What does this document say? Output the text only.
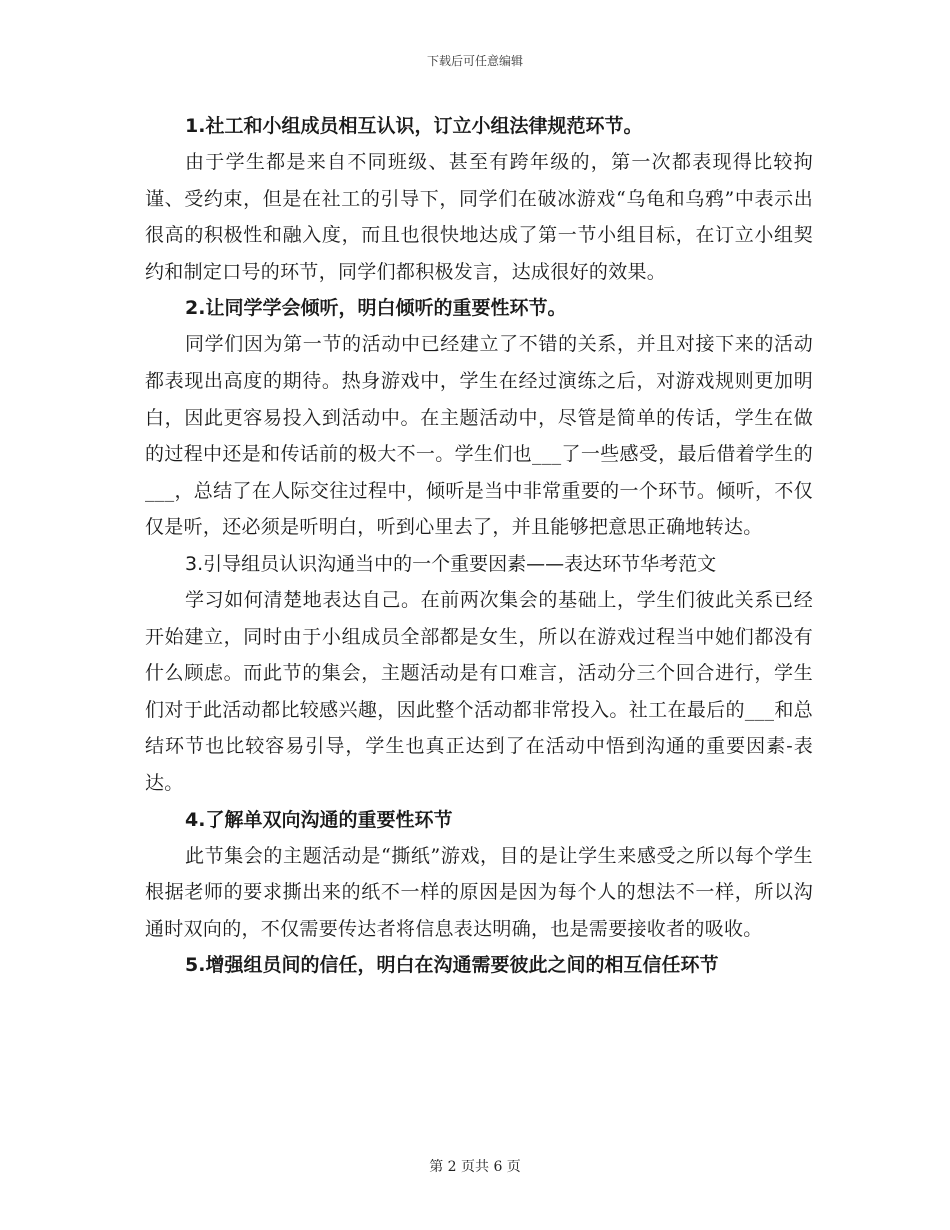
下载后可任意编辑

1.社工和小组成员相互认识，订立小组法律规范环节。

由于学生都是来自不同班级、甚至有跨年级的，第一次都表现得比较拘谨、受约束，但是在社工的引导下，同学们在破冰游戏“乌龟和乌鸦”中表示出很高的积极性和融入度，而且也很快地达成了第一节小组目标，在订立小组契约和制定口号的环节，同学们都积极发言，达成很好的效果。

2.让同学学会倾听，明白倾听的重要性环节。

同学们因为第一节的活动中已经建立了不错的关系，并且对接下来的活动都表现出高度的期待。热身游戏中，学生在经过演练之后，对游戏规则更加明白，因此更容易投入到活动中。在主题活动中，尽管是简单的传话，学生在做的过程中还是和传话前的极大不一。学生们也___了一些感受，最后借着学生的___，总结了在人际交往过程中，倾听是当中非常重要的一个环节。倾听，不仅仅是听，还必须是听明白，听到心里去了，并且能够把意思正确地转达。

3.引导组员认识沟通当中的一个重要因素——表达环节华考范文

学习如何清楚地表达自己。在前两次集会的基础上，学生们彼此关系已经开始建立，同时由于小组成员全部都是女生，所以在游戏过程当中她们都没有什么顾虑。而此节的集会，主题活动是有口难言，活动分三个回合进行，学生们对于此活动都比较感兴趣，因此整个活动都非常投入。社工在最后的___和总结环节也比较容易引导，学生也真正达到了在活动中悟到沟通的重要因素-表达。

4.了解单双向沟通的重要性环节

此节集会的主题活动是“撕纸”游戏，目的是让学生来感受之所以每个学生根据老师的要求撕出来的纸不一样的原因是因为每个人的想法不一样，所以沟通时双向的，不仅需要传达者将信息表达明确，也是需要接收者的吸收。

5.增强组员间的信任，明白在沟通需要彼此之间的相互信任环节

第 2 页共 6 页
